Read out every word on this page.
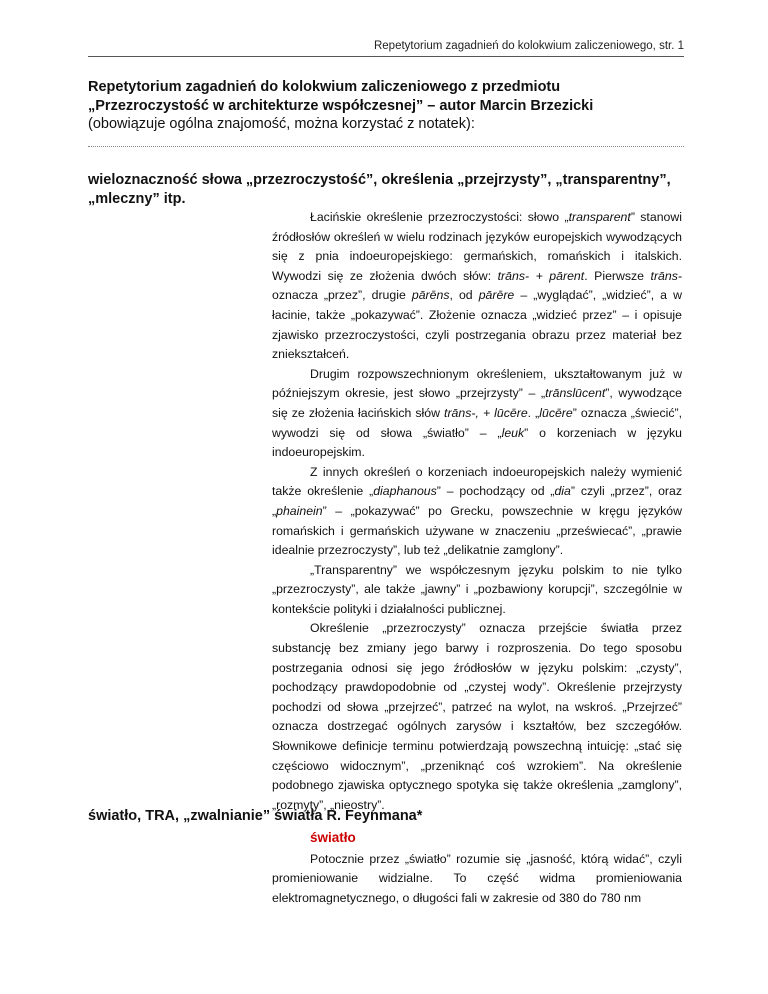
Repetytorium zagadnień do kolokwium zaliczeniowego, str. 1
Repetytorium zagadnień do kolokwium zaliczeniowego z przedmiotu
„Przezroczystość w architekturze współczesnej” – autor Marcin Brzezicki
(obowiązuje ogólna znajomość, można korzystać z notatek):
wieloznaczność słowa „przezroczystość”, określenia „przejrzysty”, „transparentny”, „mleczny” itp.

Łacińskie określenie przezroczystości: słowo „transparent” stanowi źródłosłów określeń w wielu rodzinach języków europejskich wywodzących się z pnia indoeuropejskiego: germańskich, romańskich i italskich. Wywodzi się ze złożenia dwóch słów: trāns- + pārent. Pierwsze trāns- oznacza „przez”, drugie pārēns, od pārēre – „wyglądać”, „widzieć”, a w łacinie, także „pokazywać”. Złożenie oznacza „widzieć przez” – i opisuje zjawisko przezroczystości, czyli postrzegania obrazu przez materiał bez zniekształceń.

Drugim rozpowszechnionym określeniem, ukształtowanym już w późniejszym okresie, jest słowo „przejrzysty” – „trānslūcent”, wywodzące się ze złożenia łacińskich słów trāns-, + lūcēre. „lūcēre” oznacza „świecić”, wywodzi się od słowa „światło” – „leuk” o korzeniach w języku indoeuropejskim.

Z innych określeń o korzeniach indoeuropejskich należy wymienić także określenie „diaphanous” – pochodzący od „dia” czyli „przez”, oraz „phainein” – „pokazywać” po Grecku, powszechnie w kręgu języków romańskich i germańskich używane w znaczeniu „przeświecać”, „prawie idealnie przezroczysty”, lub też „delikatnie zamglony”.

„Transparentny” we współczesnym języku polskim to nie tylko „przezroczysty”, ale także „jawny” i „pozbawiony korupcji”, szczególnie w kontekście polityki i działalności publicznej.

Określenie „przezroczysty” oznacza przejście światła przez substancję bez zmiany jego barwy i rozproszenia. Do tego sposobu postrzegania odnosi się jego źródłosłów w języku polskim: „czysty”, pochodzący prawdopodobnie od „czystej wody”. Określenie przejrzysty pochodzi od słowa „przejrzeć”, patrzeć na wylot, na wskroś. „Przejrzeć” oznacza dostrzegać ogólnych zarysów i kształtów, bez szczegółów. Słownikowe definicje terminu potwierdzają powszechną intuicję: „stać się częściowo widocznym”, „przeniknąć coś wzrokiem”. Na określenie podobnego zjawiska optycznego spotyka się także określenia „zamglony”, „rozmyty”, „nieostry”.

światło, TRA, „zwalnianie” światła R. Feynmana*
światło

Potocznie przez „światło” rozumie się „jasność, którą widać”, czyli promieniowanie widzialne. To część widma promieniowania elektromagnetycznego, o długości fali w zakresie od 380 do 780 nm
